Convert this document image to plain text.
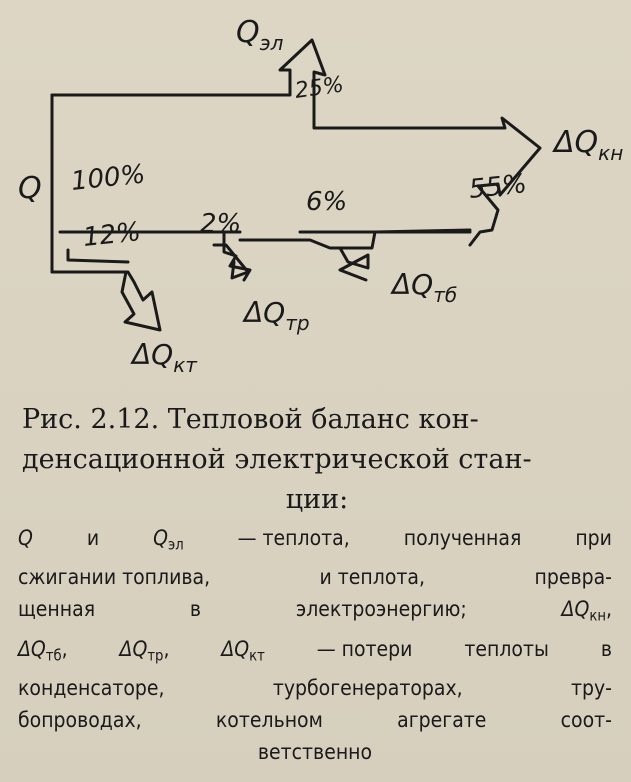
Q 100%
$Q_{эл}$
25%
$\Delta Q_{кн}$
55%
12%
$\Delta Q_{кт}$
2%
$\Delta Q_{тр}$
6%
$\Delta Q_{тб}$
Рис. 2.12. Тепловой баланс кон-
денсационной электрической стан-
ции:
Q	и	$Q_{эл}$	— теплота,	полученная	при
сжигании топлива,	и теплота,	превра-
щенная	в	электроэнергию;	$\Delta Q_{кн}$,
$\Delta Q_{тб}$, $\Delta Q_{тр}$, $\Delta Q_{кт}$ — потери теплоты в
конденсаторе,	турбогенераторах,	тру-
бопроводах,	котельном	агрегате	соот-
ветственно
